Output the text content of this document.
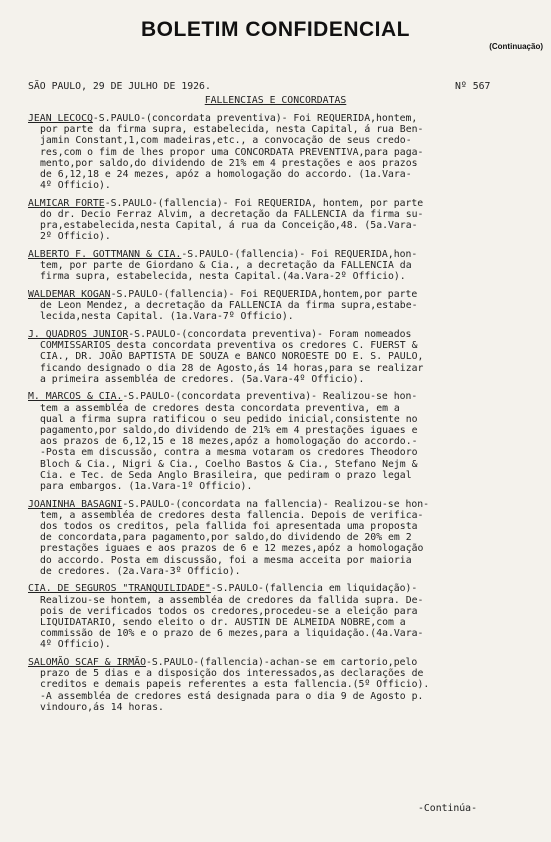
BOLETIM CONFIDENCIAL
(Continuação)
SÃO PAULO, 29 DE JULHO DE 1926.	Nº 567
FALLENCIAS E CONCORDATAS
JEAN LECOCQ-S.PAULO-(concordata preventiva)- Foi REQUERIDA,hontem,
por parte da firma supra, estabelecida, nesta Capital, á rua Ben-
jamin Constant,1,com madeiras,etc., a convocação de seus credo-
res,com o fim de lhes propor uma CONCORDATA PREVENTIVA,para paga-
mento,por saldo,do dividendo de 21% em 4 prestações e aos prazos
de 6,12,18 e 24 mezes, apóz a homologação do accordo. (1a.Vara-
4º Officio).
ALMICAR FORTE-S.PAULO-(fallencia)- Foi REQUERIDA, hontem, por parte
do dr. Decio Ferraz Alvim, a decretação da FALLENCIA da firma su-
pra,estabelecida,nesta Capital, á rua da Conceição,48. (5a.Vara-
2º Officio).
ALBERTO F. GOTTMANN & CIA.-S.PAULO-(fallencia)- Foi REQUERIDA,hon-
tem, por parte de Giordano & Cia., a decretação da FALLENCIA da
firma supra, estabelecida, nesta Capital.(4a.Vara-2º Officio).
WALDEMAR KOGAN-S.PAULO-(fallencia)- Foi REQUERIDA,hontem,por parte
de Leon Mendez, a decretação da FALLENCIA da firma supra,estabe-
lecida,nesta Capital. (1a.Vara-7º Officio).
J. QUADROS JUNIOR-S.PAULO-(concordata preventiva)- Foram nomeados
COMMISSARIOS desta concordata preventiva os credores C. FUERST &
CIA., DR. JOÃO BAPTISTA DE SOUZA e BANCO NOROESTE DO E. S. PAULO,
ficando designado o dia 28 de Agosto,ás 14 horas,para se realizar
a primeira assembléa de credores. (5a.Vara-4º Officio).
M. MARCOS & CIA.-S.PAULO-(concordata preventiva)- Realizou-se hon-
tem a assembléa de credores desta concordata preventiva, em a
qual a firma supra ratificou o seu pedido inicial,consistente no
pagamento,por saldo,do dividendo de 21% em 4 prestações iguaes e
aos prazos de 6,12,15 e 18 mezes,apóz a homologação do accordo.-
-Posta em discussão, contra a mesma votaram os credores Theodoro
Bloch & Cia., Nigri & Cia., Coelho Bastos & Cia., Stefano Nejm &
Cia. e Tec. de Seda Anglo Brasileira, que pediram o prazo legal
para embargos. (1a.Vara-1º Officio).
JOANINHA BASAGNI-S.PAULO-(concordata na fallencia)- Realizou-se hon-
tem, a assembléa de credores desta fallencia. Depois de verifica-
dos todos os creditos, pela fallida foi apresentada uma proposta
de concordata,para pagamento,por saldo,do dividendo de 20% em 2
prestações iguaes e aos prazos de 6 e 12 mezes,apóz a homologação
do accordo. Posta em discussão, foi a mesma acceita por maioria
de credores. (2a.Vara-3º Officio).
CIA. DE SEGUROS "TRANQUILIDADE"-S.PAULO-(fallencia em liquidação)-
Realizou-se hontem, a assembléa de credores da fallida supra. De-
pois de verificados todos os credores,procedeu-se a eleição para
LIQUIDATARIO, sendo eleito o dr. AUSTIN DE ALMEIDA NOBRE,com a
commissão de 10% e o prazo de 6 mezes,para a liquidação.(4a.Vara-
4º Officio).
SALOMÃO SCAF & IRMÃO-S.PAULO-(fallencia)-achan-se em cartorio,pelo
prazo de 5 dias e a disposição dos interessados,as declarações de
creditos e demais papeis referentes a esta fallencia.(5º Officio).
-A assembléa de credores está designada para o dia 9 de Agosto p.
vindouro,ás 14 horas.
-Continúa-
